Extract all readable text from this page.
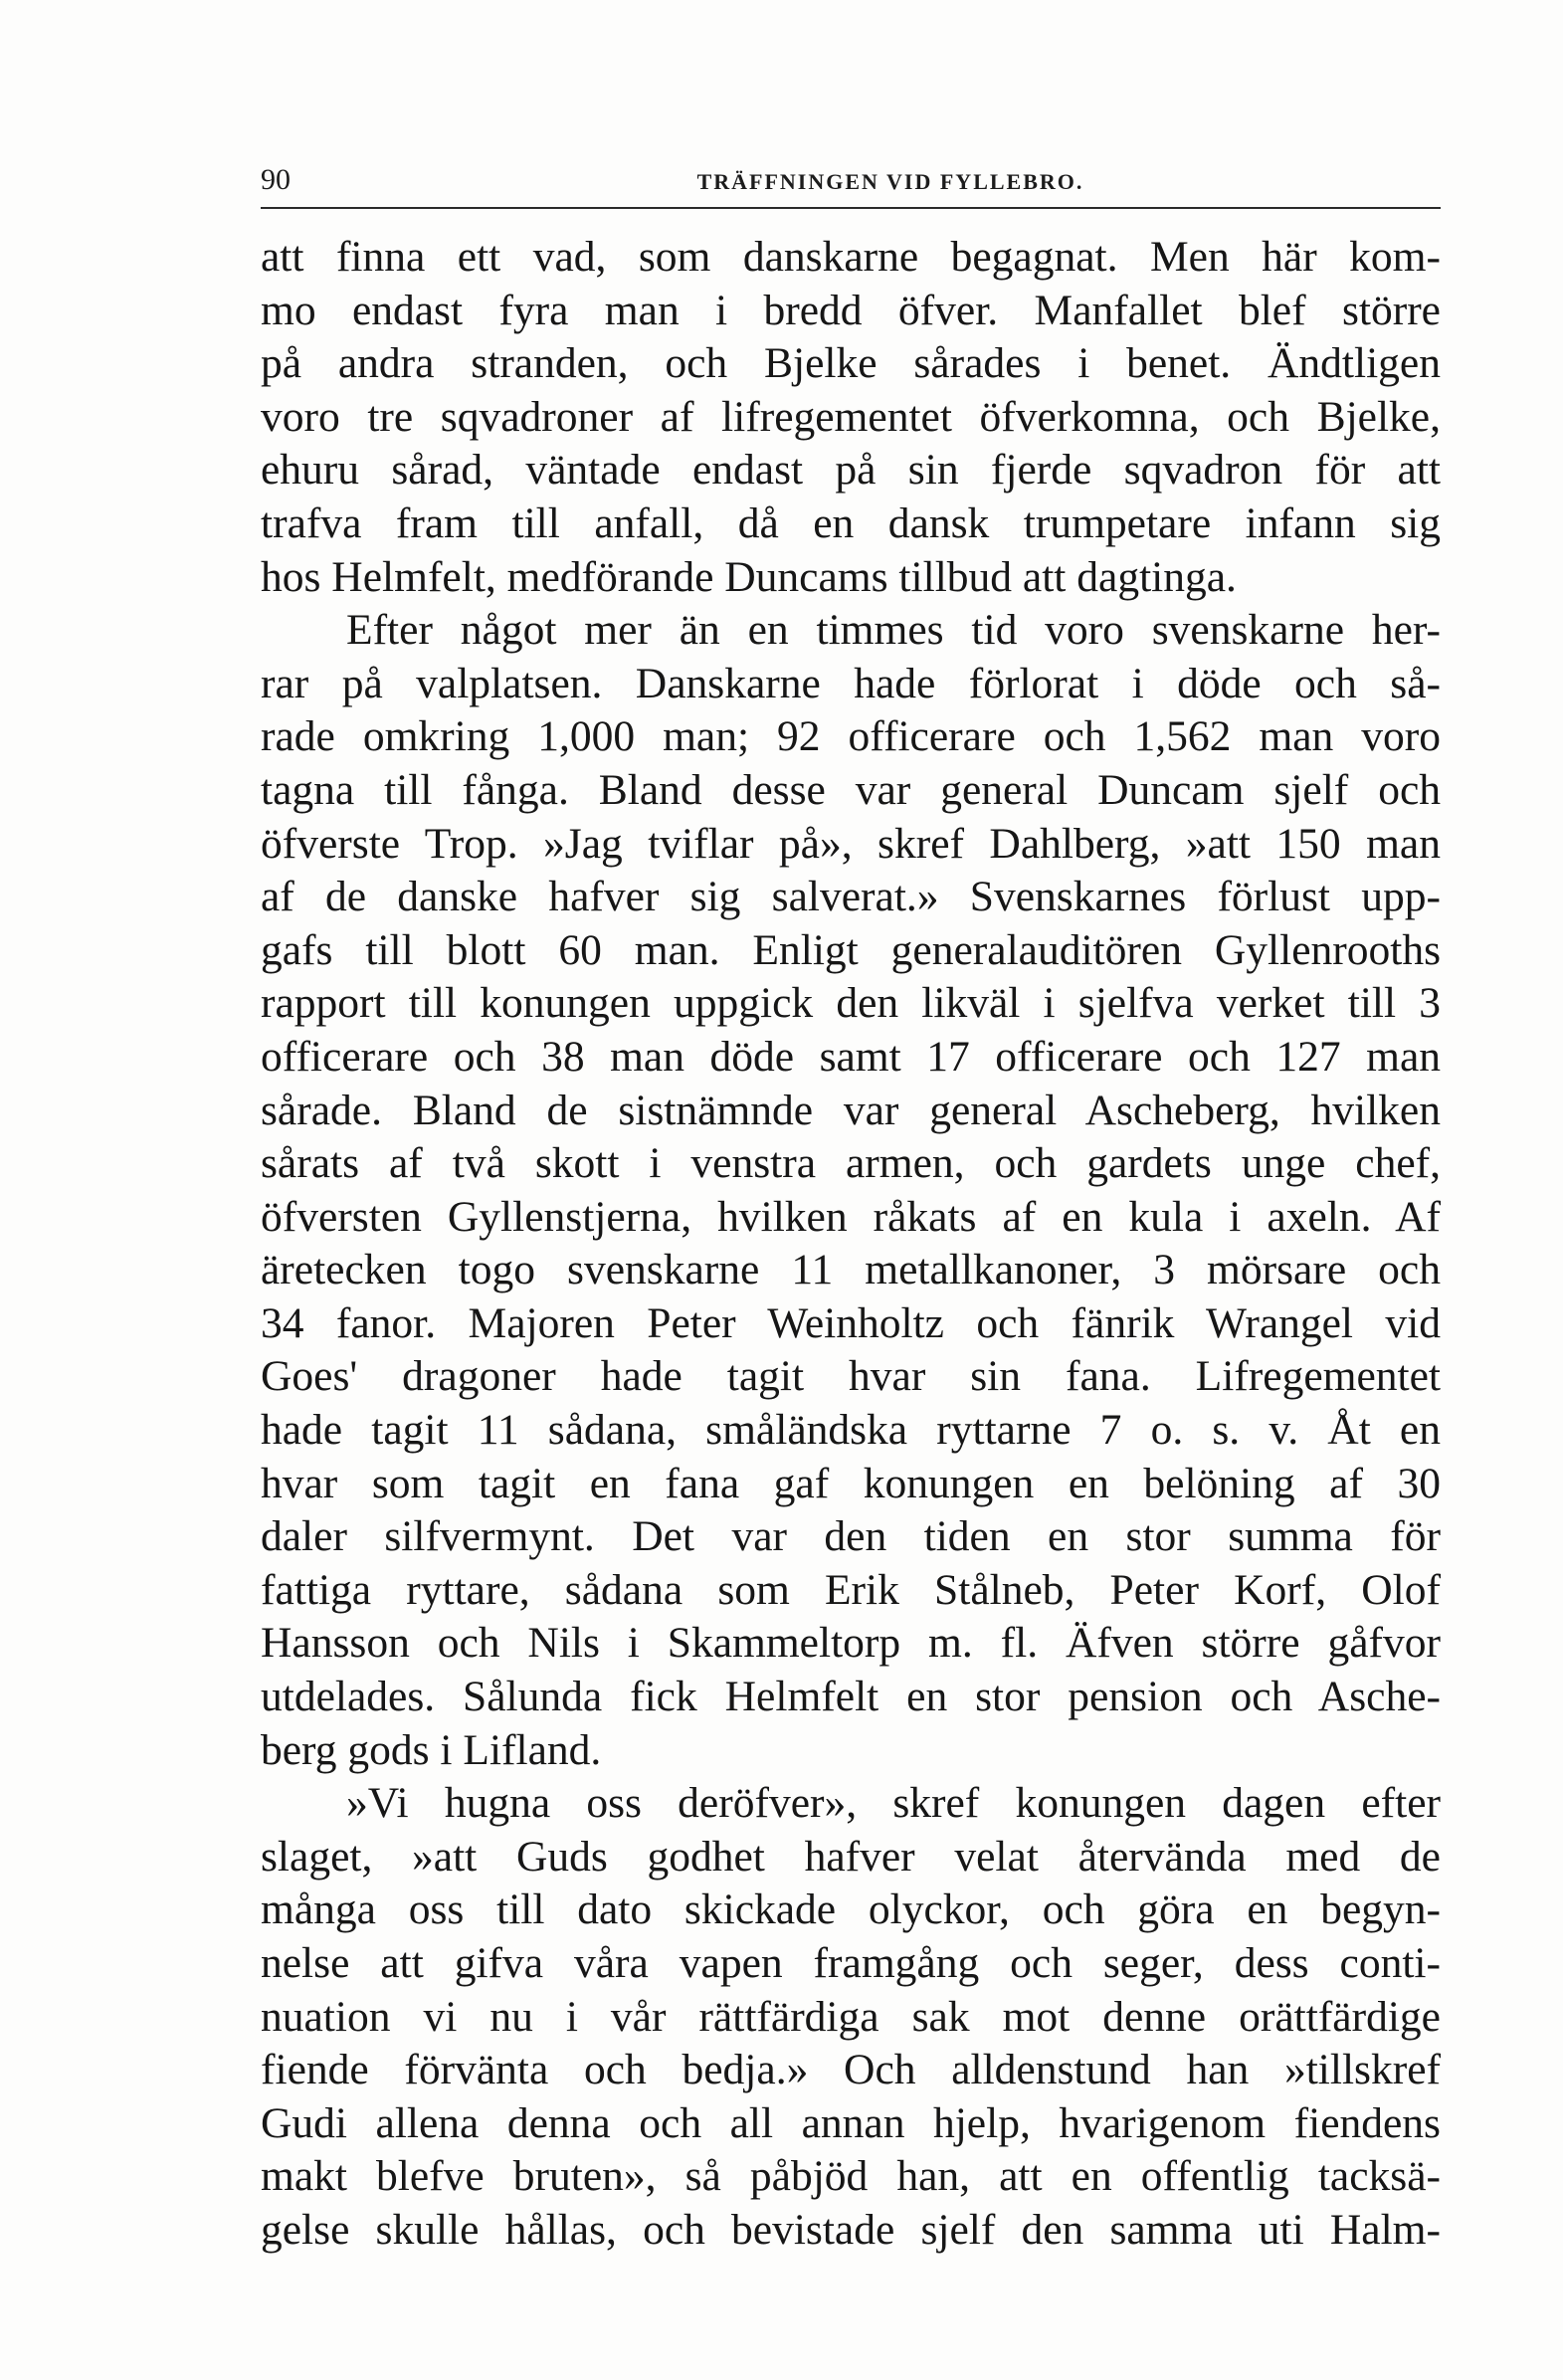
90	TRÄFFNINGEN VID FYLLEBRO.
att finna ett vad, som danskarne begagnat. Men här kom-
mo endast fyra man i bredd öfver. Manfallet blef större
på andra stranden, och Bjelke sårades i benet. Ändtligen
voro tre sqvadroner af lifregementet öfverkomna, och Bjelke,
ehuru sårad, väntade endast på sin fjerde sqvadron för att
trafva fram till anfall, då en dansk trumpetare infann sig
hos Helmfelt, medförande Duncams tillbud att dagtinga.
Efter något mer än en timmes tid voro svenskarne her-
rar på valplatsen. Danskarne hade förlorat i döde och så-
rade omkring 1,000 man; 92 officerare och 1,562 man voro
tagna till fånga. Bland desse var general Duncam sjelf och
öfverste Trop. »Jag tviflar på», skref Dahlberg, »att 150 man
af de danske hafver sig salverat.» Svenskarnes förlust upp-
gafs till blott 60 man. Enligt generalauditören Gyllenrooths
rapport till konungen uppgick den likväl i sjelfva verket till 3
officerare och 38 man döde samt 17 officerare och 127 man
sårade. Bland de sistnämnde var general Ascheberg, hvilken
sårats af två skott i venstra armen, och gardets unge chef,
öfversten Gyllenstjerna, hvilken råkats af en kula i axeln. Af
äretecken togo svenskarne 11 metallkanoner, 3 mörsare och
34 fanor. Majoren Peter Weinholtz och fänrik Wrangel vid
Goes' dragoner hade tagit hvar sin fana. Lifregementet
hade tagit 11 sådana, småländska ryttarne 7 o. s. v. Åt en
hvar som tagit en fana gaf konungen en belöning af 30
daler silfvermynt. Det var den tiden en stor summa för
fattiga ryttare, sådana som Erik Stålneb, Peter Korf, Olof
Hansson och Nils i Skammeltorp m. fl. Äfven större gåfvor
utdelades. Sålunda fick Helmfelt en stor pension och Asche-
berg gods i Lifland.
»Vi hugna oss deröfver», skref konungen dagen efter
slaget, »att Guds godhet hafver velat återvända med de
många oss till dato skickade olyckor, och göra en begyn-
nelse att gifva våra vapen framgång och seger, dess conti-
nuation vi nu i vår rättfärdiga sak mot denne orättfärdige
fiende förvänta och bedja.» Och alldenstund han »tillskref
Gudi allena denna och all annan hjelp, hvarigenom fiendens
makt blefve bruten», så påbjöd han, att en offentlig tacksä-
gelse skulle hållas, och bevistade sjelf den samma uti Halm-
